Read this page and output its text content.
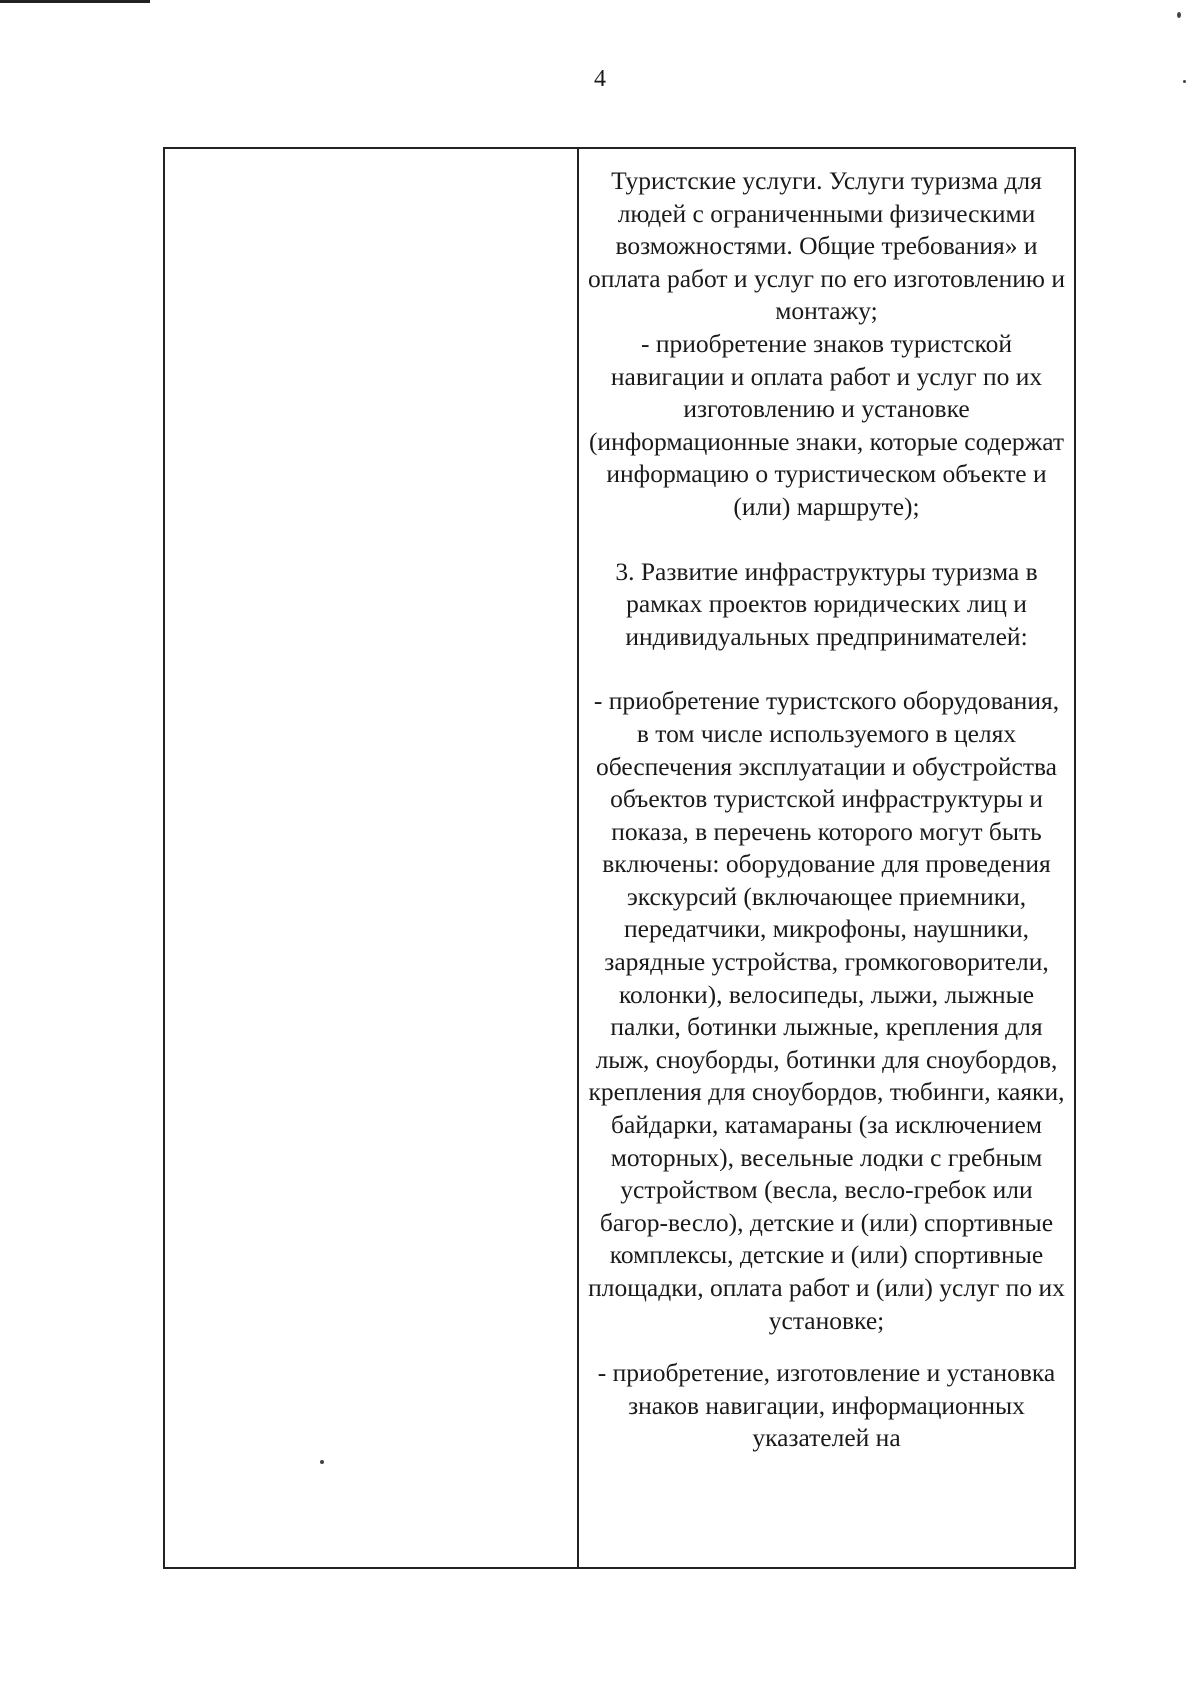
4

Туристские услуги. Услуги туризма для людей с ограниченными физическими возможностями. Общие требования» и оплата работ и услуг по его изготовлению и монтажу;

- приобретение знаков туристской навигации и оплата работ и услуг по их изготовлению и установке (информационные знаки, которые содержат информацию о туристическом объекте и (или) маршруте);

3. Развитие инфраструктуры туризма в рамках проектов юридических лиц и индивидуальных предпринимателей:

- приобретение туристского оборудования, в том числе используемого в целях обеспечения эксплуатации и обустройства объектов туристской инфраструктуры и показа, в перечень которого могут быть включены: оборудование для проведения экскурсий (включающее приемники, передатчики, микрофоны, наушники, зарядные устройства, громкоговорители, колонки), велосипеды, лыжи, лыжные палки, ботинки лыжные, крепления для лыж, сноуборды, ботинки для сноубордов, крепления для сноубордов, тюбинги, каяки, байдарки, катамараны (за исключением моторных), весельные лодки с гребным устройством (весла, весло-гребок или багор-весло), детские и (или) спортивные комплексы, детские и (или) спортивные площадки, оплата работ и (или) услуг по их установке;

- приобретение, изготовление и установка знаков навигации, информационных указателей на
